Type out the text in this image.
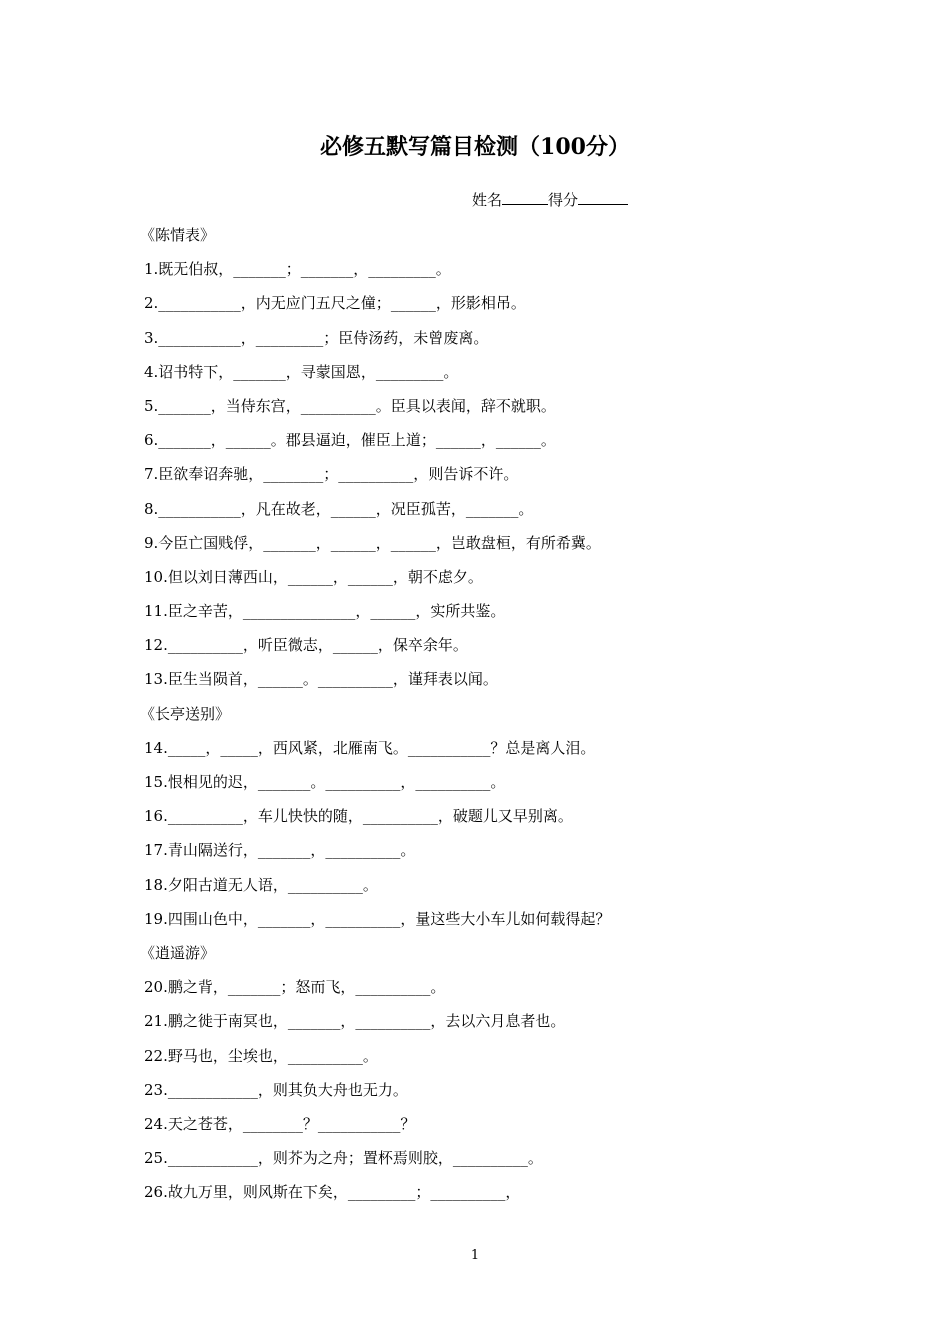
必修五默写篇目检测（100分）
姓名	得分
《陈情表》
1.既无伯叔，_______；_______，_________。
2.___________，内无应门五尺之僮；______，形影相吊。
3.___________，_________；臣侍汤药，未曾废离。
4.诏书特下，_______，寻蒙国恩，_________。
5._______，当侍东宫，__________。臣具以表闻，辞不就职。
6._______，______。郡县逼迫，催臣上道；______，______。
7.臣欲奉诏奔驰，________；__________，则告诉不许。
8.___________，凡在故老，______，况臣孤苦，_______。
9.今臣亡国贱俘，_______，______，______，岂敢盘桓，有所希冀。
10.但以刘日薄西山，______，______，朝不虑夕。
11.臣之辛苦，_______________，______，实所共鉴。
12.__________，听臣微志，______，保卒余年。
13.臣生当陨首，______。__________，谨拜表以闻。
《长亭送别》
14._____，_____，西风紧，北雁南飞。___________？总是离人泪。
15.恨相见的迟，_______。__________，__________。
16.__________，车儿快快的随，__________，破题儿又早别离。
17.青山隔送行，_______，__________。
18.夕阳古道无人语，__________。
19.四围山色中，_______，__________，量这些大小车儿如何载得起？
《逍遥游》
20.鹏之背，_______；怒而飞，__________。
21.鹏之徙于南冥也，_______，__________，去以六月息者也。
22.野马也，尘埃也，__________。
23.____________，则其负大舟也无力。
24.天之苍苍，________？___________？
25.____________，则芥为之舟；置杯焉则胶，__________。
26.故九万里，则风斯在下矣，_________；__________，
1
